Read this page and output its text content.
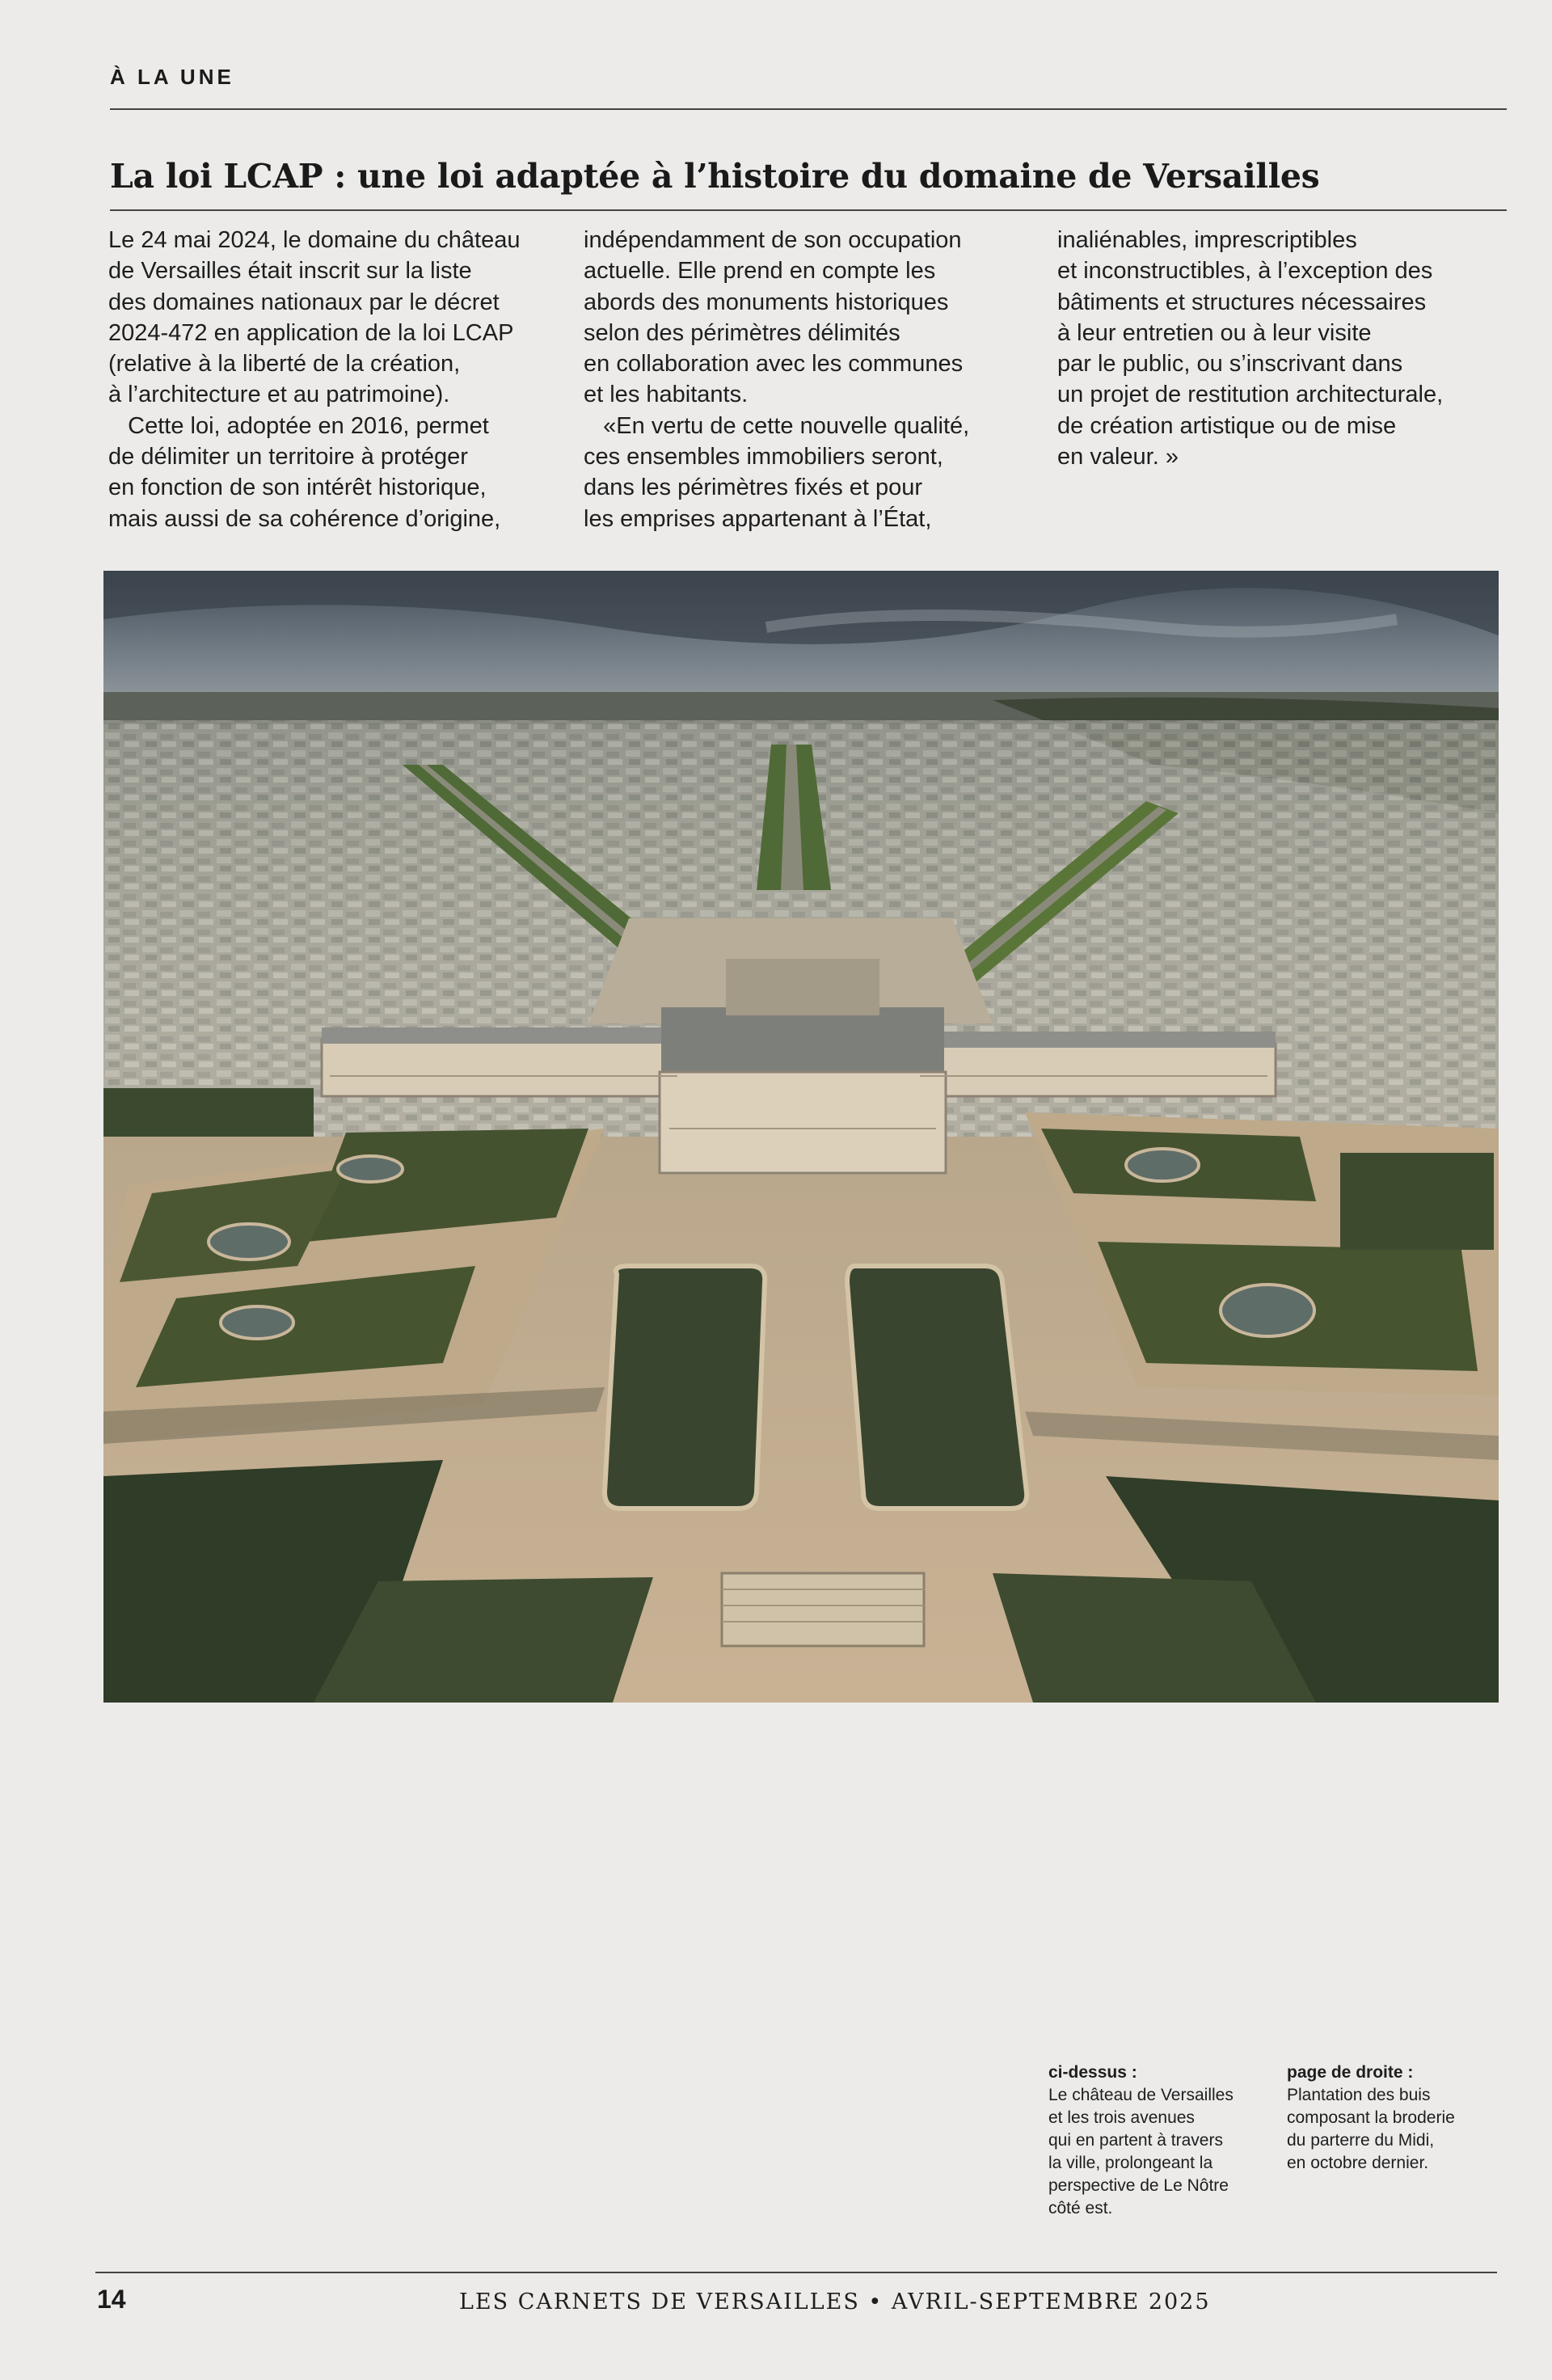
À LA UNE
La loi LCAP : une loi adaptée à l’histoire du domaine de Versailles
Le 24 mai 2024, le domaine du château
de Versailles était inscrit sur la liste
des domaines nationaux par le décret
2024-472 en application de la loi LCAP
(relative à la liberté de la création,
à l’architecture et au patrimoine).
Cette loi, adoptée en 2016, permet
de délimiter un territoire à protéger
en fonction de son intérêt historique,
mais aussi de sa cohérence d’origine,
indépendamment de son occupation
actuelle. Elle prend en compte les
abords des monuments historiques
selon des périmètres délimités
en collaboration avec les communes
et les habitants.
«En vertu de cette nouvelle qualité,
ces ensembles immobiliers seront,
dans les périmètres fixés et pour
les emprises appartenant à l’État,
inaliénables, imprescriptibles
et inconstructibles, à l’exception des
bâtiments et structures nécessaires
à leur entretien ou à leur visite
par le public, ou s’inscrivant dans
un projet de restitution architecturale,
de création artistique ou de mise
en valeur. »
ci-dessus :
Le château de Versailles
et les trois avenues
qui en partent à travers
la ville, prolongeant la
perspective de Le Nôtre
côté est.
page de droite :
Plantation des buis
composant la broderie
du parterre du Midi,
en octobre dernier.
14	LES CARNETS DE VERSAILLES • AVRIL-SEPTEMBRE 2025
